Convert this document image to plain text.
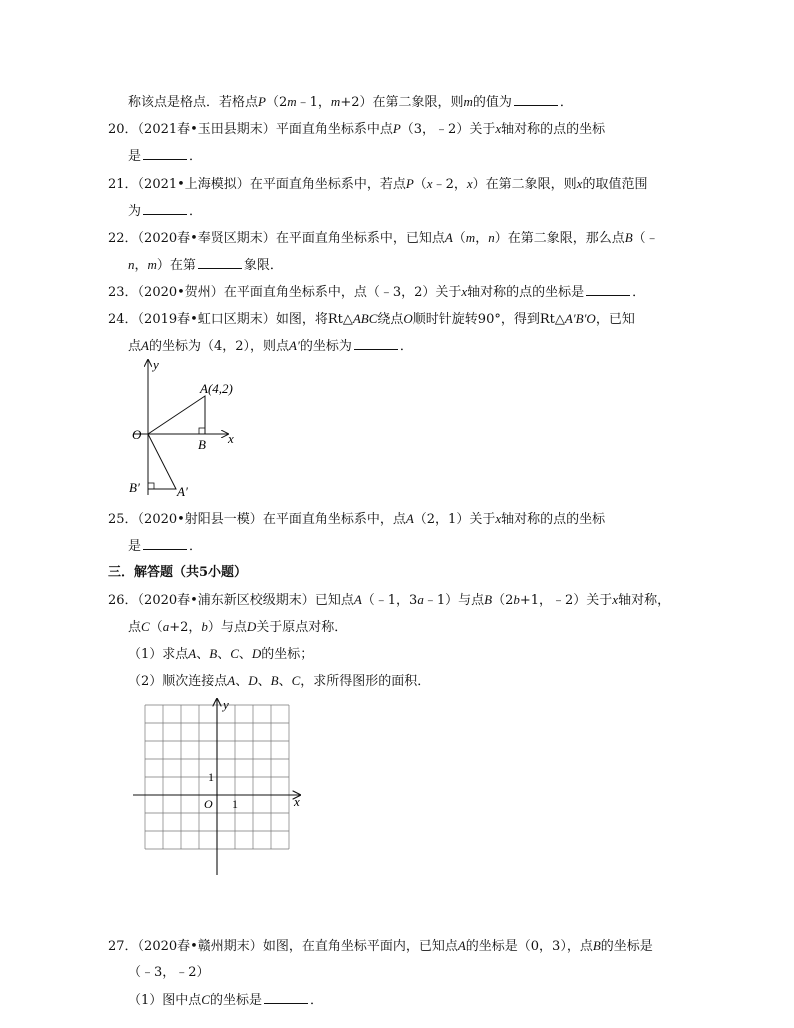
称该点是格点．若格点P（2m﹣1，m+2）在第二象限，则m的值为	．
20．（2021春•玉田县期末）平面直角坐标系中点P（3，﹣2）关于x轴对称的点的坐标
是	．
21．（2021•上海模拟）在平面直角坐标系中，若点P（x﹣2，x）在第二象限，则x的取值范围
为	．
22．（2020春•奉贤区期末）在平面直角坐标系中，已知点A（m，n）在第二象限，那么点B（﹣
n，m）在第	象限．
23．（2020•贺州）在平面直角坐标系中，点（﹣3，2）关于x轴对称的点的坐标是	．
24．（2019春•虹口区期末）如图，将Rt△ABC绕点O顺时针旋转90°，得到Rt△A′B′O，已知
点A的坐标为（4，2），则点A′的坐标为	．
y
x
O
A(4,2)
B
B′	A′
25．（2020•射阳县一模）在平面直角坐标系中，点A（2，1）关于x轴对称的点的坐标
是	．
三．解答题（共5小题）
26．（2020春•浦东新区校级期末）已知点A（﹣1，3a﹣1）与点B（2b+1，﹣2）关于x轴对称，
点C（a+2，b）与点D关于原点对称．
（1）求点A、B、C、D的坐标；
（2）顺次连接点A、D、B、C，求所得图形的面积．
y
x
O 1
1
27．（2020春•赣州期末）如图，在直角坐标平面内，已知点A的坐标是（0，3），点B的坐标是
（﹣3，﹣2）
（1）图中点C的坐标是	．
